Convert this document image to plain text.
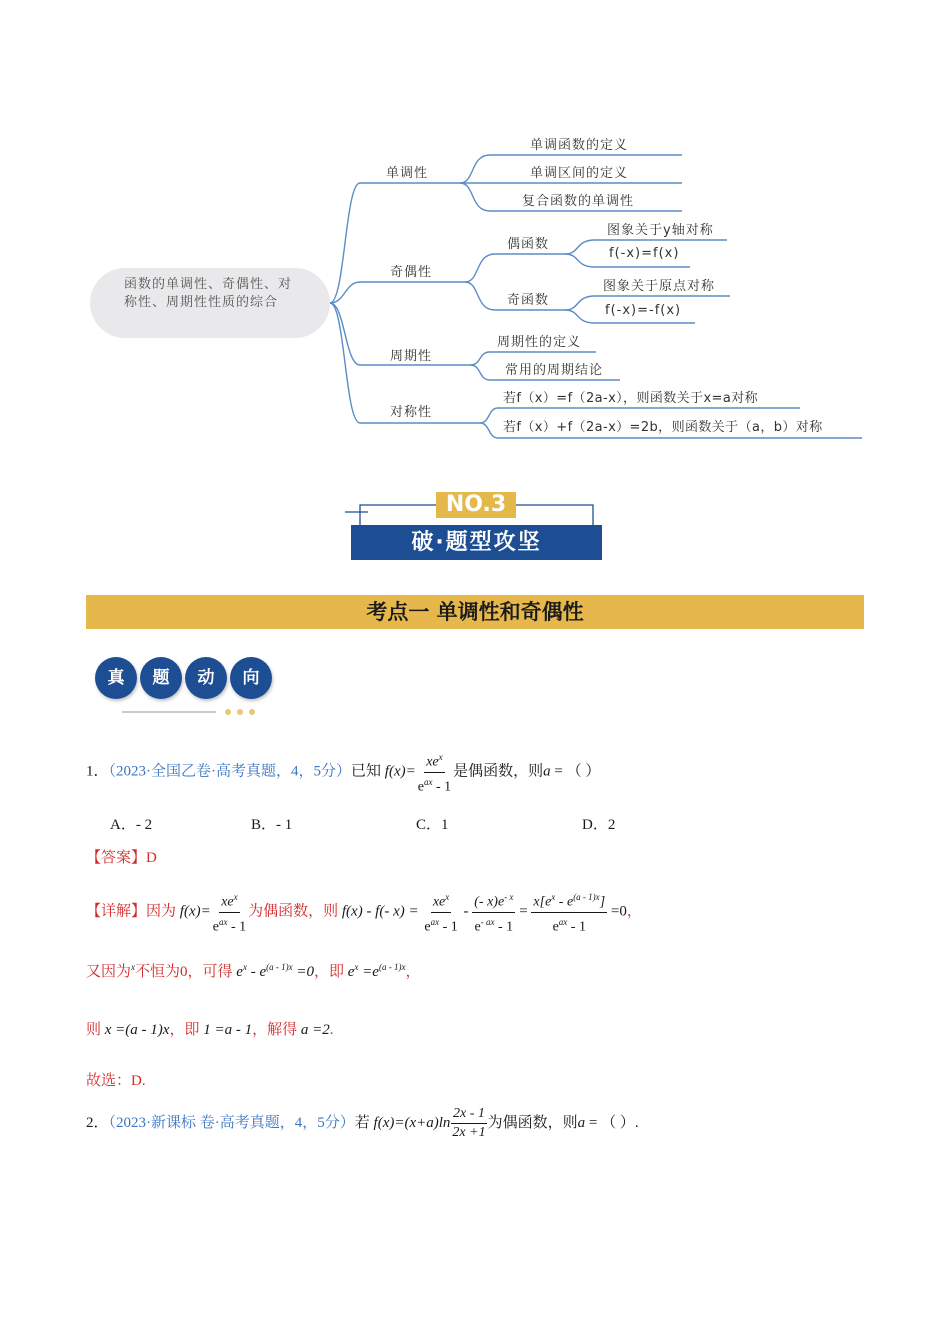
函数的单调性、奇偶性、对称性、周期性性质的综合
单调性
单调函数的定义
单调区间的定义
复合函数的单调性
奇偶性
偶函数
图象关于y轴对称
f(-x)=f(x)
奇函数
图象关于原点对称
f(-x)=-f(x)
周期性
周期性的定义
常用的周期结论
对称性
若f（x）=f（2a-x），则函数关于x=a对称
若f（x）+f（2a-x）=2b，则函数关于（a，b）对称
NO.3
破·题型攻坚
考点一 单调性和奇偶性
真	题	动	向
1．（2023·全国乙卷·高考真题，4，5分）已知 $f(x)= \frac{xe^x}{e^{ax} - 1}$ 是偶函数，则a = （ ）
A．- 2	B．- 1	C．1	D．2
【答案】D
【详解】因为 $f(x)= \frac{xe^x}{e^{ax} - 1}$ 为偶函数，则 f(x) - f(- $x) = \frac{xe^x}{e^{ax} - 1} - \frac{(- x)e^{- x}}{e^{- ax} - 1} = \frac{x[e^x - e^{(a - 1)x}]}{e^{ax} - 1} =0$，
又因为$^x$不恒为0，可得 $e^x - e^{(a - 1)x} =0$，即 $e^x =e^{(a - 1)x}$，
则 x =(a - 1)x，即 1 =a - 1，解得 a =2.
故选：D.
2．（2023·新课标 卷·高考真题，4，5分）若 $f(x)=(x+a)\ln \frac{2x - 1}{2x +1}$ 为偶函数，则a = （ ）.
